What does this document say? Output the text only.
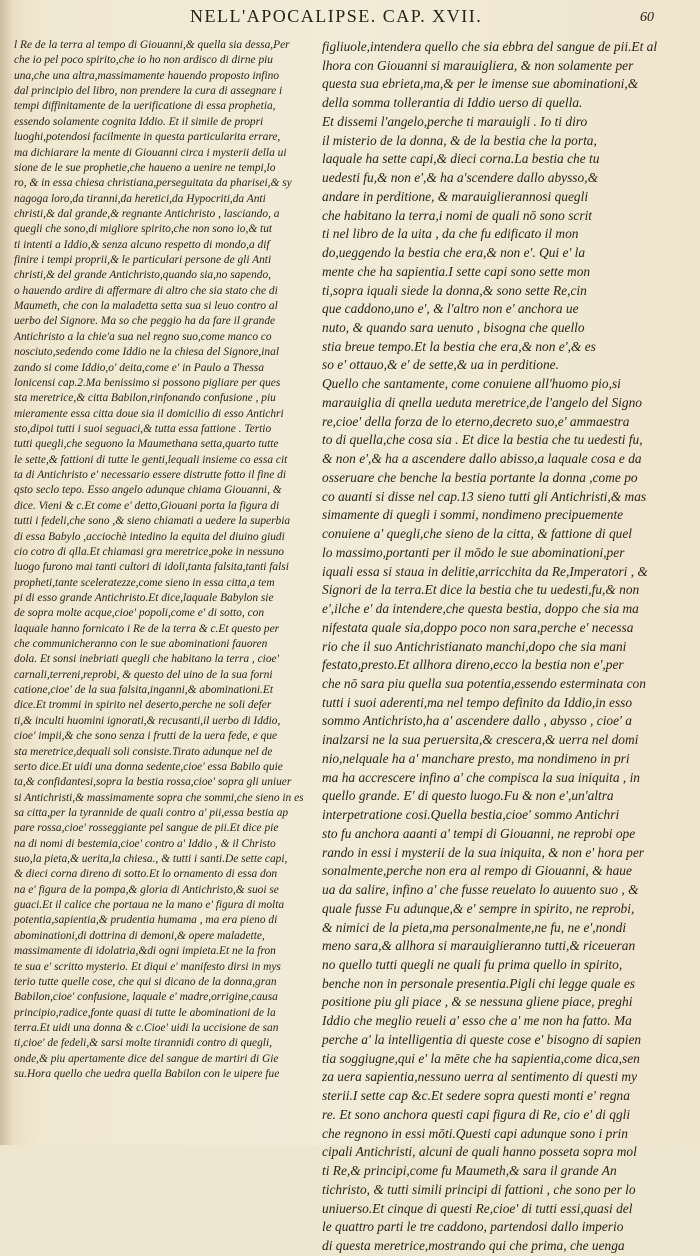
NELL'APOCALIPSE. CAP. XVII.	60
l Re de la terra al tempo di Giouanni,& quella sia dessa,Per
che io pel poco spirito,che io ho non ardisco di dirne piu
una,che una altra,massimamente hauendo proposto infino
dal principio del libro, non prendere la cura di assegnare i
tempi diffinitamente de la uerificatione di essa prophetia,
essendo solamente cognita Iddio. Et il simile de propri
luoghi,potendosi facilmente in questa particularita errare,
ma dichiarare la mente di Giouanni circa i mysterii della ui
sione de le sue prophetie,che haueno a uenire ne tempi,lo
ro, & in essa chiesa christiana,perseguitata da pharisei,& sy
nagoga loro,da tiranni,da heretici,da Hypocriti,da Anti
christi,& dal grande,& regnante Antichristo , lasciando, a
quegli che sono,di migliore spirito,che non sono io,& tut
ti intenti a Iddio,& senza alcuno respetto di mondo,a dif
finire i tempi proprii,& le particulari persone de gli Anti
christi,& del grande Antichristo,quando sia,no sapendo,
o hauendo ardire di affermare di altro che sia stato che di
Maumeth, che con la maladetta setta sua si leuo contro al
uerbo del Signore. Ma so che peggio ha da fare il grande
Antichristo a la chie'a sua nel regno suo,come manco co
nosciuto,sedendo come Iddio ne la chiesa del Signore,inal
zando si come Iddio,o' deita,come e' in Paulo a Thessa
lonicensi cap.2.Ma benissimo si possono pigliare per ques
sta meretrice,& citta Babilon,rinfonando confusione , piu
mieramente essa citta doue sia il domicilio di esso Antichri
sto,dipoi tutti i suoi seguaci,& tutta essa fattione . Tertio
tutti quegli,che seguono la Maumethana setta,quarto tutte
le sette,& fattioni di tutte le genti,lequali insieme co essa cit
ta di Antichristo e' necessario essere distrutte fotto il fine di
qsto seclo tepo. Esso angelo adunque chiama Giouanni, &
dice. Vieni & c.Et come e' detto,Giouani porta la figura di
tutti i fedeli,che sono ,& sieno chiamati a uedere la superbia
di essa Babylo ,acciochè intedino la equita del diuino giudi
cio cotro di qlla.Et chiamasi gra meretrice,poke in nessuno
luogo furono mai tanti cultori di idoli,tanta falsita,tanti falsi
propheti,tante sceleratezze,come sieno in essa citta,a tem
pi di esso grande Antichristo.Et dice,laquale Babylon sie
de sopra molte acque,cioe' popoli,come e' di sotto, con
laquale hanno fornicato i Re de la terra & c.Et questo per
che communicheranno con le sue abominationi fauoren
dola. Et sonsi inebriati quegli che habitano la terra , cioe'
carnali,terreni,reprobi, & questo del uino de la sua forni
catione,cioe' de la sua falsita,inganni,& abominationi.Et
dice.Et trommi in spirito nel deserto,perche ne soli defer
ti,& inculti huomini ignorati,& recusanti,il uerbo di Iddio,
cioe' impii,& che sono senza i frutti de la uera fede, e que
sta meretrice,dequali soli consiste.Tirato adunque nel de
serto dice.Et uidi una donna sedente,cioe' essa Babilo quie
ta,& confidantesi,sopra la bestia rossa,cioe' sopra gli uniuer
si Antichristi,& massimamente sopra che sommi,che sieno in es
sa citta,per la tyrannide de quali contro a' pii,essa bestia ap
pare rossa,cioe' rosseggiante pel sangue de pii.Et dice pie
na di nomi di bestemia,cioe' contro a' Iddio , & il Christo
suo,la pieta,& uerita,la chiesa., & tutti i santi.De sette capi,
& dieci corna direno di sotto.Et lo ornamento di essa don
na e' figura de la pompa,& gloria di Antichristo,& suoi se
guaci.Et il calice che portaua ne la mano e' figura di molta
potentia,sapientia,& prudentia humama , ma era pieno di
abominationi,di dottrina di demoni,& opere maladette,
massimamente di idolatria,&di ogni impieta.Et ne la fron
te sua e' scritto mysterio. Et diqui e' manifesto dirsi in mys
terio tutte quelle cose, che qui si dicano de la donna,gran
Babilon,cioe' confusione, laquale e' madre,orrigine,causa
principio,radice,fonte quasi di tutte le abominationi de la
terra.Et uidi una donna & c.Cioe' uidi la uccisione de san
ti,cioe' de fedeli,& sarsi molte tirannidi contro di quegli,
onde,& piu apertamente dice del sangue de martiri di Gie
su.Hora quello che uedra quella Babilon con le uipere fue
figliuole,intendera quello che sia ebbra del sangue de pii.Et al
lhora con Giouanni si marauigliera, & non solamente per
questa sua ebrieta,ma,& per le imense sue abominationi,&
della somma tollerantia di Iddio uerso di quella.
Et dissemi l'angelo,perche ti marauigli . Io ti diro
il misterio de la donna, & de la bestia che la porta,
laquale ha sette capi,& dieci corna.La bestia che tu
uedesti fu,& non e',& ha a'scendere dallo abysso,&
andare in perditione, & marauiglierannosi quegli
che habitano la terra,i nomi de quali nō sono scrit
ti nel libro de la uita , da che fu edificato il mon
do,ueggendo la bestia che era,& non e'. Qui e' la
mente che ha sapientia.I sette capi sono sette mon
ti,sopra iquali siede la donna,& sono sette Re,cin
que caddono,uno e', & l'altro non e' anchora ue
nuto, & quando sara uenuto , bisogna che quello
stia breue tempo.Et la bestia che era,& non e',& es
so e' ottauo,& e' de sette,& ua in perditione.
Quello che santamente, come conuiene all'huomo pio,si
marauiglia di qnella ueduta meretrice,de l'angelo del Signo
re,cioe' della forza de lo eterno,decreto suo,e' ammaestra
to di quella,che cosa sia . Et dice la bestia che tu uedesti fu,
& non e',& ha a ascendere dallo abisso,a laquale cosa e da
osseruare che benche la bestia portante la donna ,come po
co auanti si disse nel cap.13 sieno tutti gli Antichristi,& mas
simamente di quegli i sommi, nondimeno precipuemente
conuiene a' quegli,che sieno de la citta, & fattione di quel
lo massimo,portanti per il mōdo le sue abominationi,per
iquali essa si staua in delitie,arricchita da Re,Imperatori , &
Signori de la terra.Et dice la bestia che tu uedesti,fu,& non
e',ilche e' da intendere,che questa bestia, doppo che sia ma
nifestata quale sia,doppo poco non sara,perche e' necessa
rio che il suo Antichristianato manchi,dopo che sia mani
festato,presto.Et allhora direno,ecco la bestia non e',per
che nō sara piu quella sua potentia,essendo esterminata con
tutti i suoi aderenti,ma nel tempo definito da Iddio,in esso
sommo Antichristo,ha a' ascendere dallo , abysso , cioe' a
inalzarsi ne la sua peruersita,& crescera,& uerra nel domi
nio,nelquale ha a' manchare presto, ma nondimeno in pri
ma ha accrescere infino a' che compisca la sua iniquita , in
quello grande. E' di questo luogo.Fu & non e',un'altra
interpetratione cosi.Quella bestia,cioe' sommo Antichri
sto fu anchora aaanti a' tempi di Giouanni, ne reprobi ope
rando in essi i mysterii de la sua iniquita, & non e' hora per
sonalmente,perche non era al rempo di Giouanni, & haue
ua da salire, infino a' che fusse reuelato lo auuento suo , &
quale fusse Fu adunque,& e' sempre in spirito, ne reprobi,
& nimici de la pieta,ma personalmente,ne fu, ne e',nondi
meno sara,& allhora si marauiglieranno tutti,& riceueran
no quello tutti quegli ne quali fu prima quello in spirito,
benche non in personale presentia.Pigli chi legge quale es
positione piu gli piace , & se nessuna gliene piace, preghi
Iddio che meglio reueli a' esso che a' me non ha fatto. Ma
perche a' la intelligentia di queste cose e' bisogno di sapien
tia soggiugne,qui e' la mēte che ha sapientia,come dica,sen
za uera sapientia,nessuno uerra al sentimento di questi my
sterii.I sette cap &c.Et sedere sopra questi monti e' regna
re. Et sono anchora questi capi figura di Re, cio e' di qgli
che regnono in essi mōti.Questi capi adunque sono i prin
cipali Antichristi, alcuni de quali hanno posseta sopra mol
ti Re,& principi,come fu Maumeth,& sara il grande An
tichristo, & tutti simili principi di fattioni , che sono per lo
uniuerso.Et cinque di questi Re,cioe' di tutti essi,quasi del
le quattro parti le tre caddono, partendosi dallo imperio
di questa meretrice,mostrando qui che prima, che uenga
